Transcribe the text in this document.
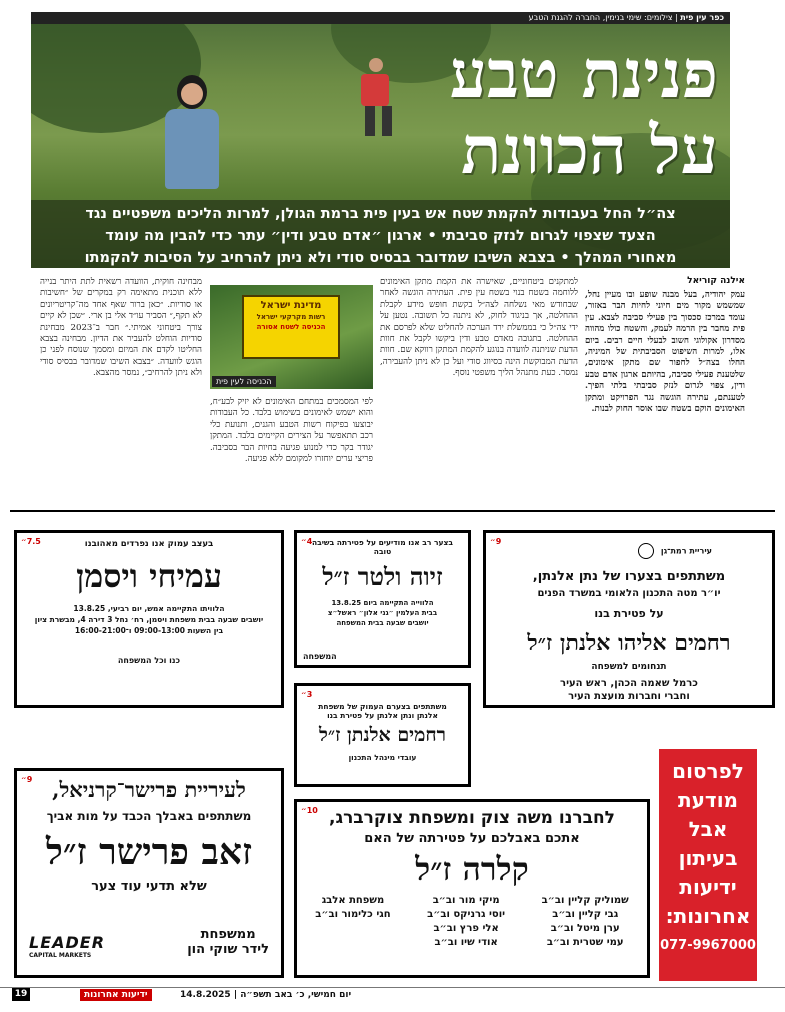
פנינת טבע
על הכוונת
צה״ל החל בעבודות להקמת שטח אש בעין פית ברמת הגולן, למרות הליכים משפטיים נגד
הצעד שצפוי לגרום לנזק סביבתי • ארגון ״אדם טבע ודין״ עתר כדי להבין מה עומד
מאחורי המהלך • בצבא השיבו שמדובר בבסיס סודי ולא ניתן להרחיב על הסיבות להקמתו
כפר עין פית | צילומים: שימי בנימין, החברה להגנת הטבע
אילנה קוריאל
עמק יהודיה, בעל מבנה שופע ובו מעיין נחל, שמשמש מקור מים חיוני לחיות הבר באזור, עומד במרכז סכסוך בין פעילי סביבה לצבא. עין פית מחבר בין הרמה לעמק, והשטח כולו מהווה מסדרון אקולוגי חשוב לבעלי חיים רבים. ביום אלו, למרות השיפוט הסביבתית של המיניה, החלו בצה״ל לחפור שם מתקן אימונים, שלטענת פעילי סביבה, בהיותם ארגון אדם טבע ודין, צפוי לגרום לנזק סביבתי בלתי הפיך. לטענתם, עתירה הוגשה נגד הפרויקט ומתקן האימונים הוקם בשטח שבו אוסר החוק לבנות.
למתקנים ביטחוניים, שאישרה את הקמת מתקן האימונים ללוחמה בשטח בנוי בשטח עין פית. העתירה הוגשה לאחר שבחודש מאי נשלחה לצה״ל בקשת חופש מידע לקבלת ההחלטה, אך בניגוד לחוק, לא ניתנה כל תשובה. נטען על ידי צה״ל כי בממשלת ירד הערכה להחליט שלא לפרסם את ההחלטה. בתגובה מאדם טבע ודין ביקשו לקבל את חוות הדעת שניתנה לוועדה בנוגע להקמת המתקן רווקא שם. חוות הדעת המבוקשת הינה בסיווג סודי ועל כן לא ניתן להעבירה, נמסר. כעת מתנהל הליך משפטי נוסף.
לפי המסמכים במתחם האימונים לא יזיק לבע״ח, והוא ישמש לאימונים בשימוש בלבד. כל העבודות יבוצעו בפיקוח רשות הטבע והגנים, ותנועת כלי רכב תתאפשר על הצירים הקיימים בלבד. המתקן יגודר בקר כדי למנוע פגיעה בחיות הבר בסביבה. פריצי ערים יוחזרו למקומם ללא פגיעה.
מבחינה חוקית, הוועדה רשאית לתת היתר בנייה ללא תוכנית מתאימה רק במקרים של ״חשיבות או סודיות. ״כאן ברור שאף אחד מה־קריטריונים לא תקף,״ הסביר עו״ד אלי בן ארי. ״שכן לא קיים צורך ביטחוני אמיתי.״ חבר ב־2023 מבחינת סודיות הוחלט להעביר את הדיון. מבחינה בצבא החליטו לקדם את המיזם ומסמך שנוסח לפני כן הוגש לוועדה. ״בצבא השיבו שמדובר בבסיס סודי ולא ניתן להרחיב״, נמסר מהצבא.
מדינת ישראל
רשות מקרקעי ישראל
הכניסה לשטח אסורה
הכניסה לעין פית
7.5״	בעצב עמוק אנו נפרדים מאהובנו
עמיחי ויסמן
הלוויתו התקיימה אמש, יום רביעי, 13.8.25
יושבים שבעה בבית משפחת ויסמן, רח׳ נחל 3 דירה 4, מבשרת ציון
בין השעות 09:00-13:00 ו־16:00-21:00
כנו וכל המשפחה
4״ בצער רב אנו מודיעים על פטירתה בשיבה טובה
זיוה ולטר ז״ל
הלווייה התקיימה ביום 13.8.25
בבית העלמין ״גני אלון״ ראשל״צ
יושבים שבעה בבית המשפחה
המשפחה
9״
עיריית רמת־גן
משתתפים בצערו של נתן אלנתן,
יו״ר מטה התכנון הלאומי במשרד הפנים
על פטירת בנו
רחמים אליהו אלנתן ז״ל
תנחומים למשפחה
כרמל שאמה הכהן, ראש העיר
וחברי וחברות מועצת העיר
3״
משתתפים בצערם העמוק של משפחת אלנתן ונתן אלנתן על פטירת בנו
רחמים אלנתן ז״ל
עובדי מינהל התכנון
9״ לעיריית פרישר־קרניאל,
משתתפים באבלך הכבד על מות אביך
זאב פרישר ז״ל
שלא תדעי עוד צער
ממשפחת
לידר שוקי הון
LEADER
CAPITAL MARKETS
10״ לחברנו משה צוק ומשפחת צוקרברג,
אתכם באבלכם על פטירתה של האם
קלרה ז״ל
שמוליק קליין וב״ב
גבי קליין וב״ב
ערן מיטל וב״ב
עמי שטרית וב״ב
מיקי מור וב״ב
יוסי גרניקס וב״ב
אלי פרץ וב״ב
אודי שיו וב״ב
משפחת אלבג
חגי כלימור וב״ב
לפרסום
מודעת
אבל
בעיתון
ידיעות
אחרונות:
077-9967000
19	ידיעות אחרונות	יום חמישי, כ׳ באב תשפ״ה | 14.8.2025
